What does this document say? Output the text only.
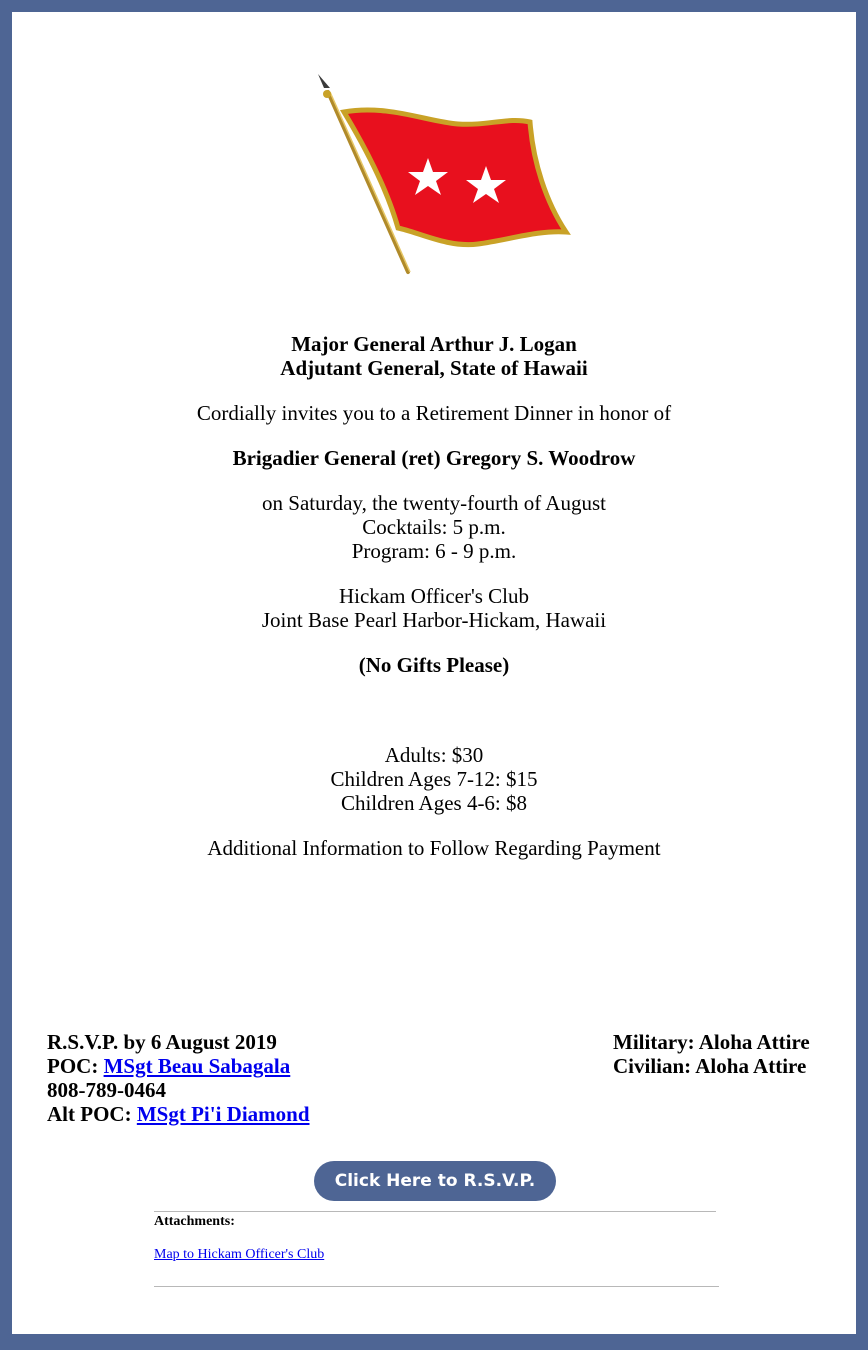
Major General Arthur J. Logan
Adjutant General, State of Hawaii
Cordially invites you to a Retirement Dinner in honor of
Brigadier General (ret) Gregory S. Woodrow
on Saturday, the twenty-fourth of August
Cocktails: 5 p.m.
Program: 6 - 9 p.m.
Hickam Officer's Club
Joint Base Pearl Harbor-Hickam, Hawaii
(No Gifts Please)
Adults: $30
Children Ages 7-12: $15
Children Ages 4-6: $8
Additional Information to Follow Regarding Payment
R.S.V.P. by 6 August 2019
POC: MSgt Beau Sabagala
808-789-0464
Alt POC: MSgt Pi'i Diamond
Military: Aloha Attire
Civilian: Aloha Attire
Click Here to R.S.V.P.
Attachments:
Map to Hickam Officer's Club
